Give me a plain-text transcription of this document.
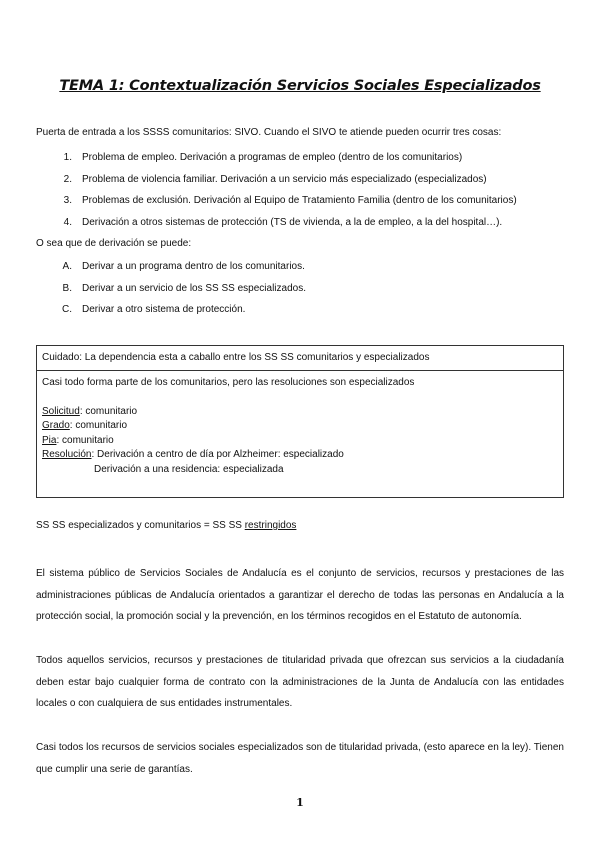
TEMA 1: Contextualización Servicios Sociales Especializados
Puerta de entrada a los SSSS comunitarios: SIVO. Cuando el SIVO te atiende pueden ocurrir tres cosas:
1.	Problema de empleo. Derivación a programas de empleo (dentro de los comunitarios)
2.	Problema de violencia familiar. Derivación a un servicio más especializado (especializados)
3.	Problemas de exclusión. Derivación al Equipo de Tratamiento Familia (dentro de los comunitarios)
4.	Derivación a otros sistemas de protección (TS de vivienda, a la de empleo, a la del hospital…).
O sea que de derivación se puede:
A.	Derivar a un programa dentro de los comunitarios.
B.	Derivar a un servicio de los SS SS especializados.
C.	Derivar a otro sistema de protección.
Cuidado: La dependencia esta a caballo entre los SS SS comunitarios y especializados
Casi todo forma parte de los comunitarios, pero las resoluciones son especializados
Solicitud: comunitario
Grado: comunitario
Pia: comunitario
Resolución: Derivación a centro de día por Alzheimer: especializado
Derivación a una residencia: especializada
SS SS especializados y comunitarios = SS SS restringidos
El sistema público de Servicios Sociales de Andalucía es el conjunto de servicios, recursos y prestaciones de las administraciones públicas de Andalucía orientados a garantizar el derecho de todas las personas en Andalucía a la protección social, la promoción social y la prevención, en los términos recogidos en el Estatuto de autonomía.
Todos aquellos servicios, recursos y prestaciones de titularidad privada que ofrezcan sus servicios a la ciudadanía deben estar bajo cualquier forma de contrato con la administraciones de la Junta de Andalucía con las entidades locales o con cualquiera de sus entidades instrumentales.
Casi todos los recursos de servicios sociales especializados son de titularidad privada, (esto aparece en la ley). Tienen que cumplir una serie de garantías.
1
